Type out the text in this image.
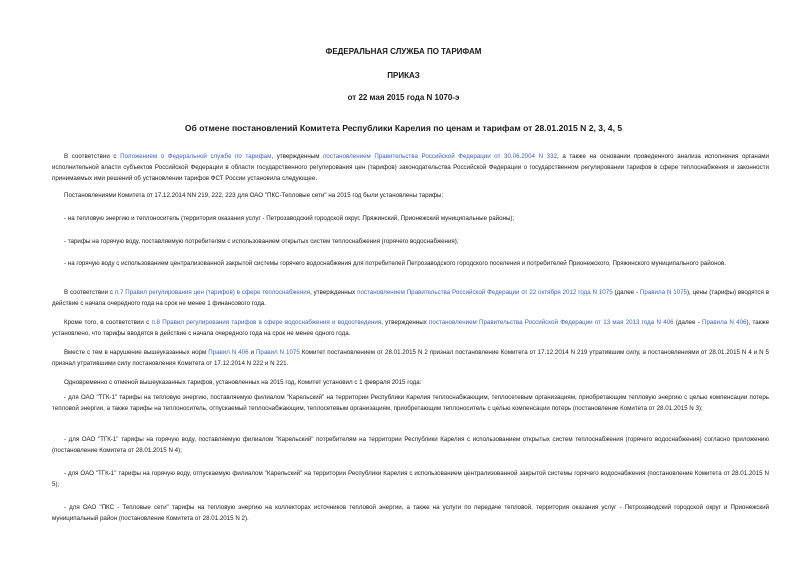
ФЕДЕРАЛЬНАЯ СЛУЖБА ПО ТАРИФАМ
ПРИКАЗ
от 22 мая 2015 года N 1070-э
Об отмене постановлений Комитета Республики Карелия по ценам и тарифам от 28.01.2015 N 2, 3, 4, 5
В соответствии с Положением о Федеральной службе по тарифам, утвержденным постановлением Правительства Российской Федерации от 30.06.2004 N 332, а также на основании проведенного анализа исполнения органами исполнительной власти субъектов Российской Федерации в области государственного регулирования цен (тарифов) законодательства Российской Федерации о государственном регулировании тарифов в сфере теплоснабжения и законности принимаемых ими решений об установлении тарифов ФСТ России установила следующее.
Постановлениями Комитета от 17.12.2014 NN 219, 222, 223 для ОАО "ПКС-Тепловые сети" на 2015 год были установлены тарифы:
- на тепловую энергию и теплоноситель (территория оказания услуг - Петрозаводский городской округ, Пряжинский, Прионежский муниципальные районы);
- тарифы на горячую воду, поставляемую потребителям с использованием открытых систем теплоснабжения (горячего водоснабжения);
- на горячую воду с использованием централизованной закрытой системы горячего водоснабжения для потребителей Петрозаводского городского поселения и потребителей Прионежского, Пряжинского муниципального районов.
В соответствии с п.7 Правил регулирования цен (тарифов) в сфере теплоснабжения, утвержденных постановлением Правительства Российской Федерации от 22 октября 2012 года N 1075 (далее - Правила N 1075), цены (тарифы) вводятся в действие с начала очередного года на срок не менее 1 финансового года.
Кроме того, в соответствии с п.8 Правил регулирования тарифов в сфере водоснабжения и водоотведения, утвержденных постановлением Правительства Российской Федерации от 13 мая 2013 года N 406 (далее - Правила N 406), также установлено, что тарифы вводятся в действие с начала очередного года на срок не менее одного года.
Вместе с тем в нарушение вышеуказанных норм Правил N 406 и Правил N 1075 Комитет постановлением от 28.01.2015 N 2 признал постановление Комитета от 17.12.2014 N 219 утратившим силу, а постановлениями от 28.01.2015 N 4 и N 5 признал утратившими силу постановления Комитета от 17.12.2014 N 222 и N 221.
Одновременно с отменой вышеуказанных тарифов, установленных на 2015 год, Комитет установил с 1 февраля 2015 года:
- для ОАО "ТГК-1" тарифы на тепловую энергию, поставляемую филиалом "Карельский" на территории Республики Карелия теплоснабжающим, теплосетевым организациям, приобретающим тепловую энергию с целью компенсации потерь тепловой энергии, а также тарифы на теплоноситель, отпускаемый теплоснабжающим, теплосетевым организациям, приобретающим теплоноситель с целью компенсации потерь (постановление Комитета от 28.01.2015 N 3);
- для ОАО "ТГК-1" тарифы на горячую воду, поставляемую филиалом "Карельский" потребителям на территории Республики Карелия с использованием открытых систем теплоснабжения (горячего водоснабжения) согласно приложению (постановление Комитета от 28.01.2015 N 4);
- для ОАО "ТГК-1" тарифы на горячую воду, отпускаемую филиалом "Карельский" на территории Республики Карелия с использованием централизованной закрытой системы горячего водоснабжения (постановление Комитета от 28.01.2015 N 5);
- для ОАО "ПКС - Тепловые сети" тарифы на тепловую энергию на коллекторах источников тепловой энергии, а также на услуги по передаче тепловой, территория оказания услуг - Петрозаводский городской округ и Прионежский муниципальный район (постановление Комитета от 28.01.2015 N 2).
